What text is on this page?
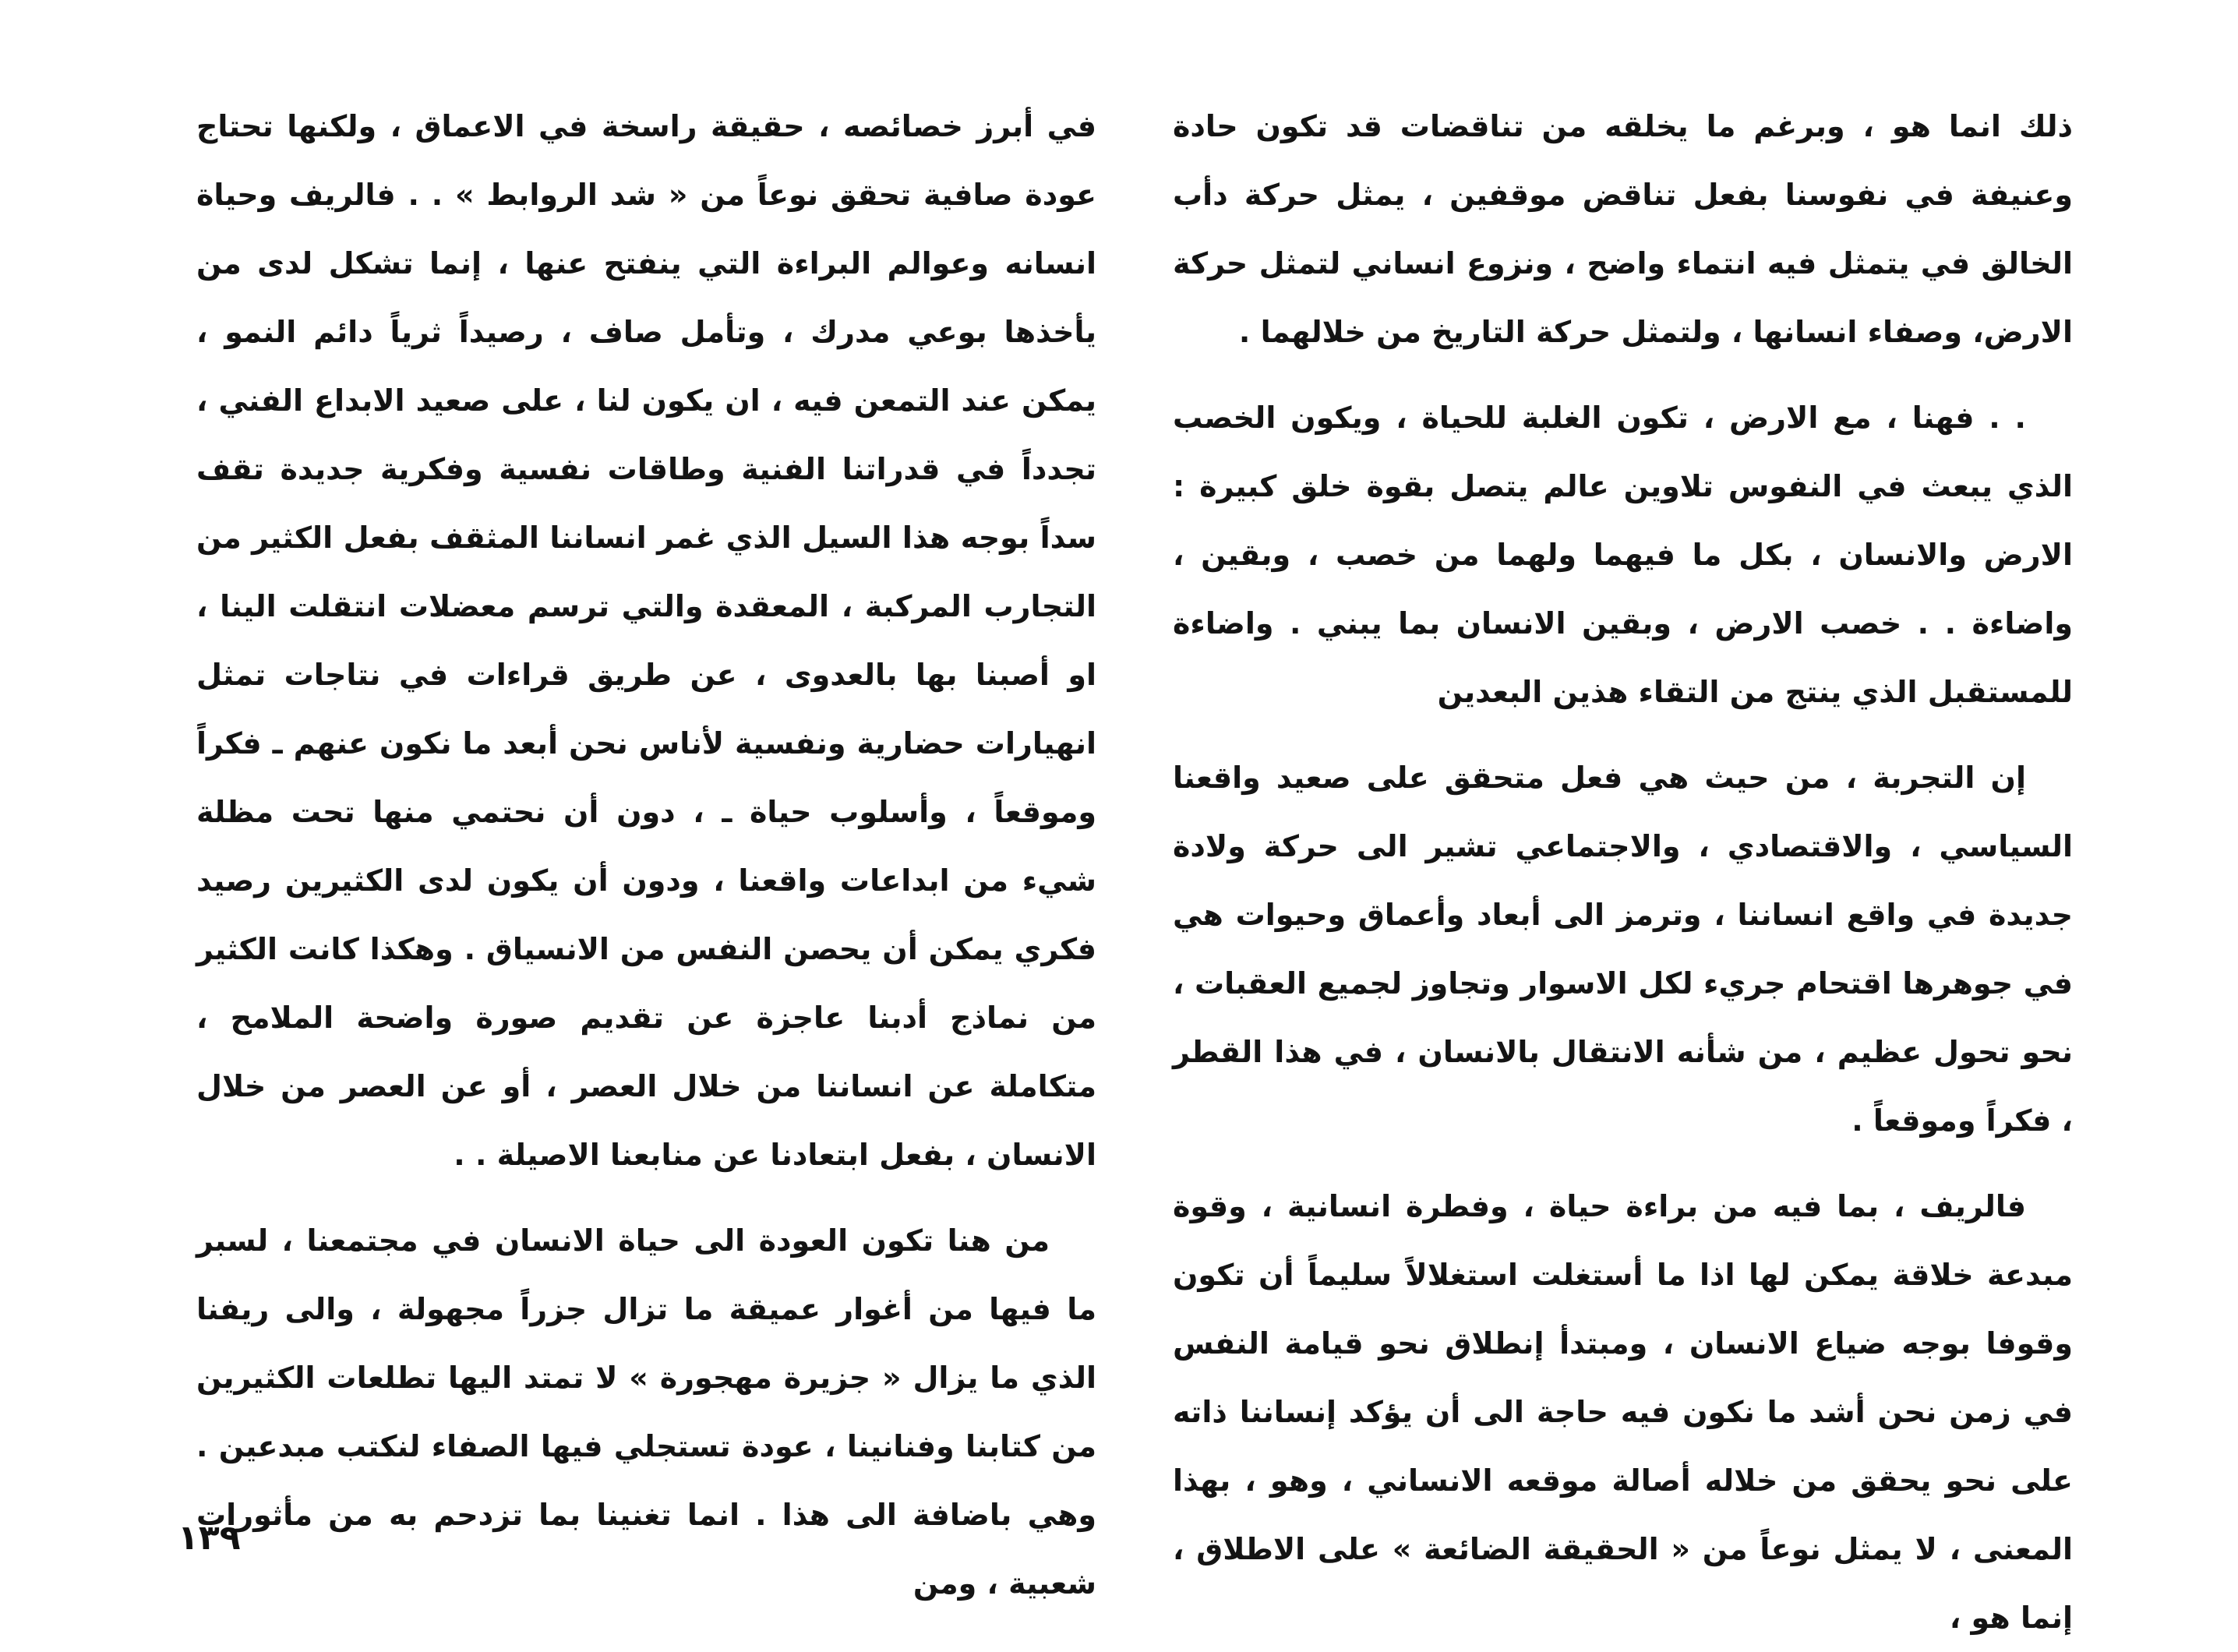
ذلك انما هو ، وبرغم ما يخلقه من تناقضات قد تكون حادة وعنيفة في نفوسنا بفعل تناقض موقفين ، يمثل حركة دأب الخالق في يتمثل فيه انتماء واضح ، ونزوع انساني لتمثل حركة الارض، وصفاء انسانها ، ولتمثل حركة التاريخ من خلالهما .

. . فهنا ، مع الارض ، تكون الغلبة للحياة ، ويكون الخصب الذي يبعث في النفوس تلاوين عالم يتصل بقوة خلق كبيرة : الارض والانسان ، بكل ما فيهما ولهما من خصب ، وبقين ، واضاءة . . خصب الارض ، وبقين الانسان بما يبني . واضاءة للمستقبل الذي ينتج من التقاء هذين البعدين

إن التجربة ، من حيث هي فعل متحقق على صعيد واقعنا السياسي ، والاقتصادي ، والاجتماعي تشير الى حركة ولادة جديدة في واقع انساننا ، وترمز الى أبعاد وأعماق وحيوات هي في جوهرها اقتحام جريء لكل الاسوار وتجاوز لجميع العقبات ، نحو تحول عظيم ، من شأنه الانتقال بالانسان ، في هذا القطر ، فكراً وموقعاً .

فالريف ، بما فيه من براءة حياة ، وفطرة انسانية ، وقوة مبدعة خلاقة يمكن لها اذا ما أستغلت استغلالاً سليماً أن تكون وقوفا بوجه ضياع الانسان ، ومبتدأ إنطلاق نحو قيامة النفس في زمن نحن أشد ما نكون فيه حاجة الى أن يؤكد إنساننا ذاته على نحو يحقق من خلاله أصالة موقعه الانساني ، وهو ، بهذا المعنى ، لا يمثل نوعاً من « الحقيقة الضائعة » على الاطلاق ، إنما هو ،

في أبرز خصائصه ، حقيقة راسخة في الاعماق ، ولكنها تحتاج عودة صافية تحقق نوعاً من « شد الروابط » . . فالريف وحياة انسانه وعوالم البراءة التي ينفتح عنها ، إنما تشكل لدى من يأخذها بوعي مدرك ، وتأمل صاف ، رصيداً ثرياً دائم النمو ، يمكن عند التمعن فيه ، ان يكون لنا ، على صعيد الابداع الفني ، تجدداً في قدراتنا الفنية وطاقات نفسية وفكرية جديدة تقف سداً بوجه هذا السيل الذي غمر انساننا المثقف بفعل الكثير من التجارب المركبة ، المعقدة والتي ترسم معضلات انتقلت الينا ، او أصبنا بها بالعدوى ، عن طريق قراءات في نتاجات تمثل انهيارات حضارية ونفسية لأناس نحن أبعد ما نكون عنهم ـ فكراً وموقعاً ، وأسلوب حياة ـ ، دون أن نحتمي منها تحت مظلة شيء من ابداعات واقعنا ، ودون أن يكون لدى الكثيرين رصيد فكري يمكن أن يحصن النفس من الانسياق . وهكذا كانت الكثير من نماذج أدبنا عاجزة عن تقديم صورة واضحة الملامح ، متكاملة عن انساننا من خلال العصر ، أو عن العصر من خلال الانسان ، بفعل ابتعادنا عن منابعنا الاصيلة . .

من هنا تكون العودة الى حياة الانسان في مجتمعنا ، لسبر ما فيها من أغوار عميقة ما تزال جزراً مجهولة ، والى ريفنا الذي ما يزال « جزيرة مهجورة » لا تمتد اليها تطلعات الكثيرين من كتابنا وفنانينا ، عودة تستجلي فيها الصفاء لنكتب مبدعين . وهي باضافة الى هذا . انما تغنينا بما تزدحم به من مأثورات شعبية ، ومن

١٣٩
